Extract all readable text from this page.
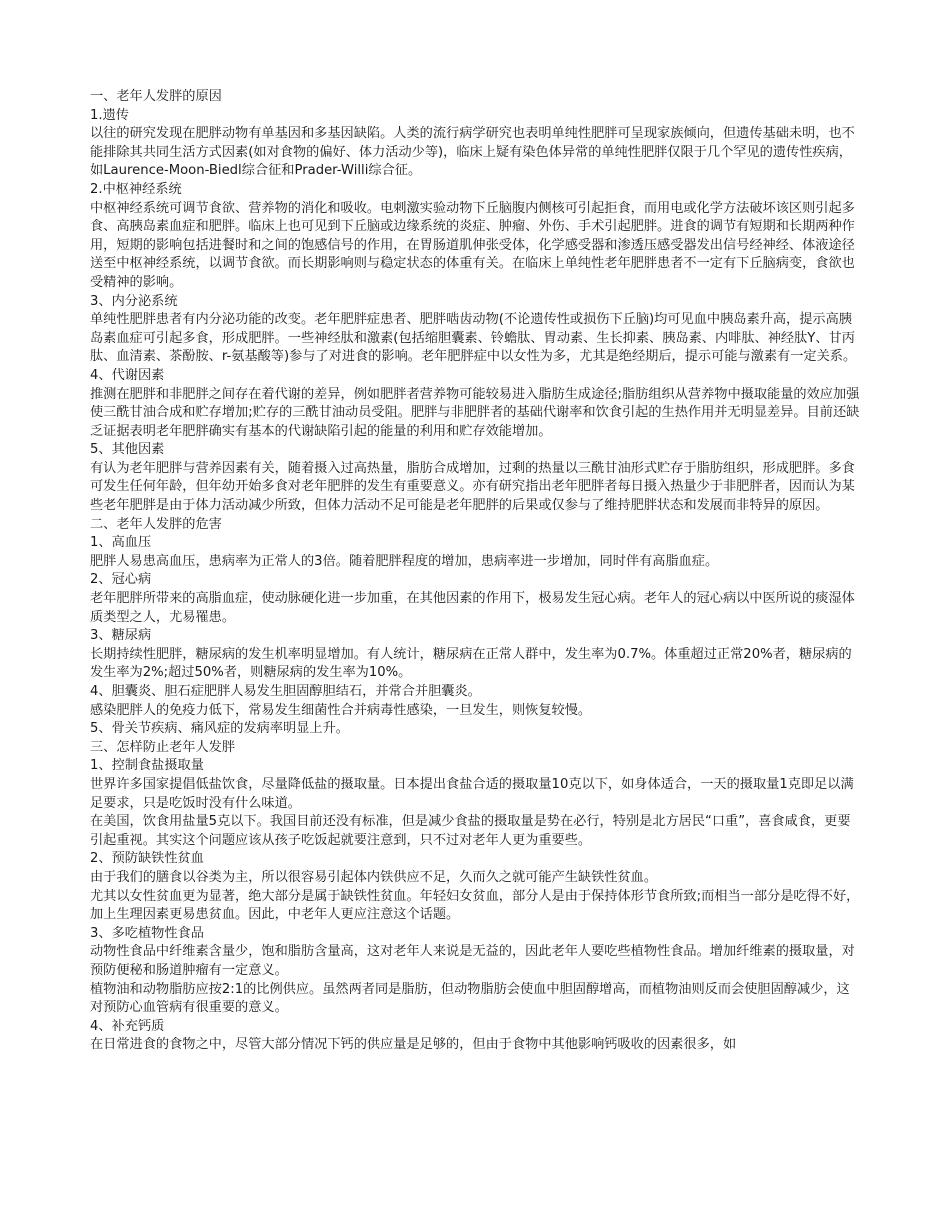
一、老年人发胖的原因

1.遗传

以往的研究发现在肥胖动物有单基因和多基因缺陷。人类的流行病学研究也表明单纯性肥胖可呈现家族倾向，但遗传基础未明，也不能排除其共同生活方式因素(如对食物的偏好、体力活动少等)，临床上疑有染色体异常的单纯性肥胖仅限于几个罕见的遗传性疾病，如Laurence-Moon-Biedl综合征和Prader-Willi综合征。

2.中枢神经系统

中枢神经系统可调节食欲、营养物的消化和吸收。电刺激实验动物下丘脑腹内侧核可引起拒食，而用电或化学方法破坏该区则引起多食、高胰岛素血症和肥胖。临床上也可见到下丘脑或边缘系统的炎症、肿瘤、外伤、手术引起肥胖。进食的调节有短期和长期两种作用，短期的影响包括进餐时和之间的饱感信号的作用，在胃肠道肌伸张受体，化学感受器和渗透压感受器发出信号经神经、体液途径送至中枢神经系统，以调节食欲。而长期影响则与稳定状态的体重有关。在临床上单纯性老年肥胖患者不一定有下丘脑病变，食欲也受精神的影响。

3、内分泌系统

单纯性肥胖患者有内分泌功能的改变。老年肥胖症患者、肥胖啮齿动物(不论遗传性或损伤下丘脑)均可见血中胰岛素升高，提示高胰岛素血症可引起多食，形成肥胖。一些神经肽和激素(包括缩胆囊素、铃蟾肽、胃动素、生长抑素、胰岛素、内啡肽、神经肽Y、甘丙肽、血清素、茶酚胺、r-氨基酸等)参与了对进食的影响。老年肥胖症中以女性为多，尤其是绝经期后，提示可能与激素有一定关系。

4、代谢因素

推测在肥胖和非肥胖之间存在着代谢的差异，例如肥胖者营养物可能较易进入脂肪生成途径;脂肪组织从营养物中摄取能量的效应加强使三酰甘油合成和贮存增加;贮存的三酰甘油动员受阻。肥胖与非肥胖者的基础代谢率和饮食引起的生热作用并无明显差异。目前还缺乏证据表明老年肥胖确实有基本的代谢缺陷引起的能量的利用和贮存效能增加。

5、其他因素

有认为老年肥胖与营养因素有关，随着摄入过高热量，脂肪合成增加，过剩的热量以三酰甘油形式贮存于脂肪组织，形成肥胖。多食可发生任何年龄，但年幼开始多食对老年肥胖的发生有重要意义。亦有研究指出老年肥胖者每日摄入热量少于非肥胖者，因而认为某些老年肥胖是由于体力活动减少所致，但体力活动不足可能是老年肥胖的后果或仅参与了维持肥胖状态和发展而非特异的原因。

二、老年人发胖的危害

1、高血压

肥胖人易患高血压，患病率为正常人的3倍。随着肥胖程度的增加，患病率进一步增加，同时伴有高脂血症。

2、冠心病

老年肥胖所带来的高脂血症，使动脉硬化进一步加重，在其他因素的作用下，极易发生冠心病。老年人的冠心病以中医所说的痰湿体质类型之人，尤易罹患。

3、糖尿病

长期持续性肥胖，糖尿病的发生机率明显增加。有人统计，糖尿病在正常人群中，发生率为0.7%。体重超过正常20%者，糖尿病的发生率为2%;超过50%者，则糖尿病的发生率为10%。

4、胆囊炎、胆石症肥胖人易发生胆固醇胆结石，并常合并胆囊炎。

感染肥胖人的免疫力低下，常易发生细菌性合并病毒性感染，一旦发生，则恢复较慢。

5、骨关节疾病、痛风症的发病率明显上升。

三、怎样防止老年人发胖

1、控制食盐摄取量

世界许多国家提倡低盐饮食，尽量降低盐的摄取量。日本提出食盐合适的摄取量10克以下，如身体适合，一天的摄取量1克即足以满足要求，只是吃饭时没有什么味道。

在美国，饮食用盐量5克以下。我国目前还没有标准，但是减少食盐的摄取量是势在必行，特别是北方居民“口重”，喜食咸食，更要引起重视。其实这个问题应该从孩子吃饭起就要注意到，只不过对老年人更为重要些。

2、预防缺铁性贫血

由于我们的膳食以谷类为主，所以很容易引起体内铁供应不足，久而久之就可能产生缺铁性贫血。

尤其以女性贫血更为显著，绝大部分是属于缺铁性贫血。年轻妇女贫血，部分人是由于保持体形节食所致;而相当一部分是吃得不好，加上生理因素更易患贫血。因此，中老年人更应注意这个话题。

3、多吃植物性食品

动物性食品中纤维素含量少，饱和脂肪含量高，这对老年人来说是无益的，因此老年人要吃些植物性食品。增加纤维素的摄取量，对预防便秘和肠道肿瘤有一定意义。

植物油和动物脂肪应按2:1的比例供应。虽然两者同是脂肪，但动物脂肪会使血中胆固醇增高，而植物油则反而会使胆固醇减少，这对预防心血管病有很重要的意义。

4、补充钙质

在日常进食的食物之中，尽管大部分情况下钙的供应量是足够的，但由于食物中其他影响钙吸收的因素很多，如
